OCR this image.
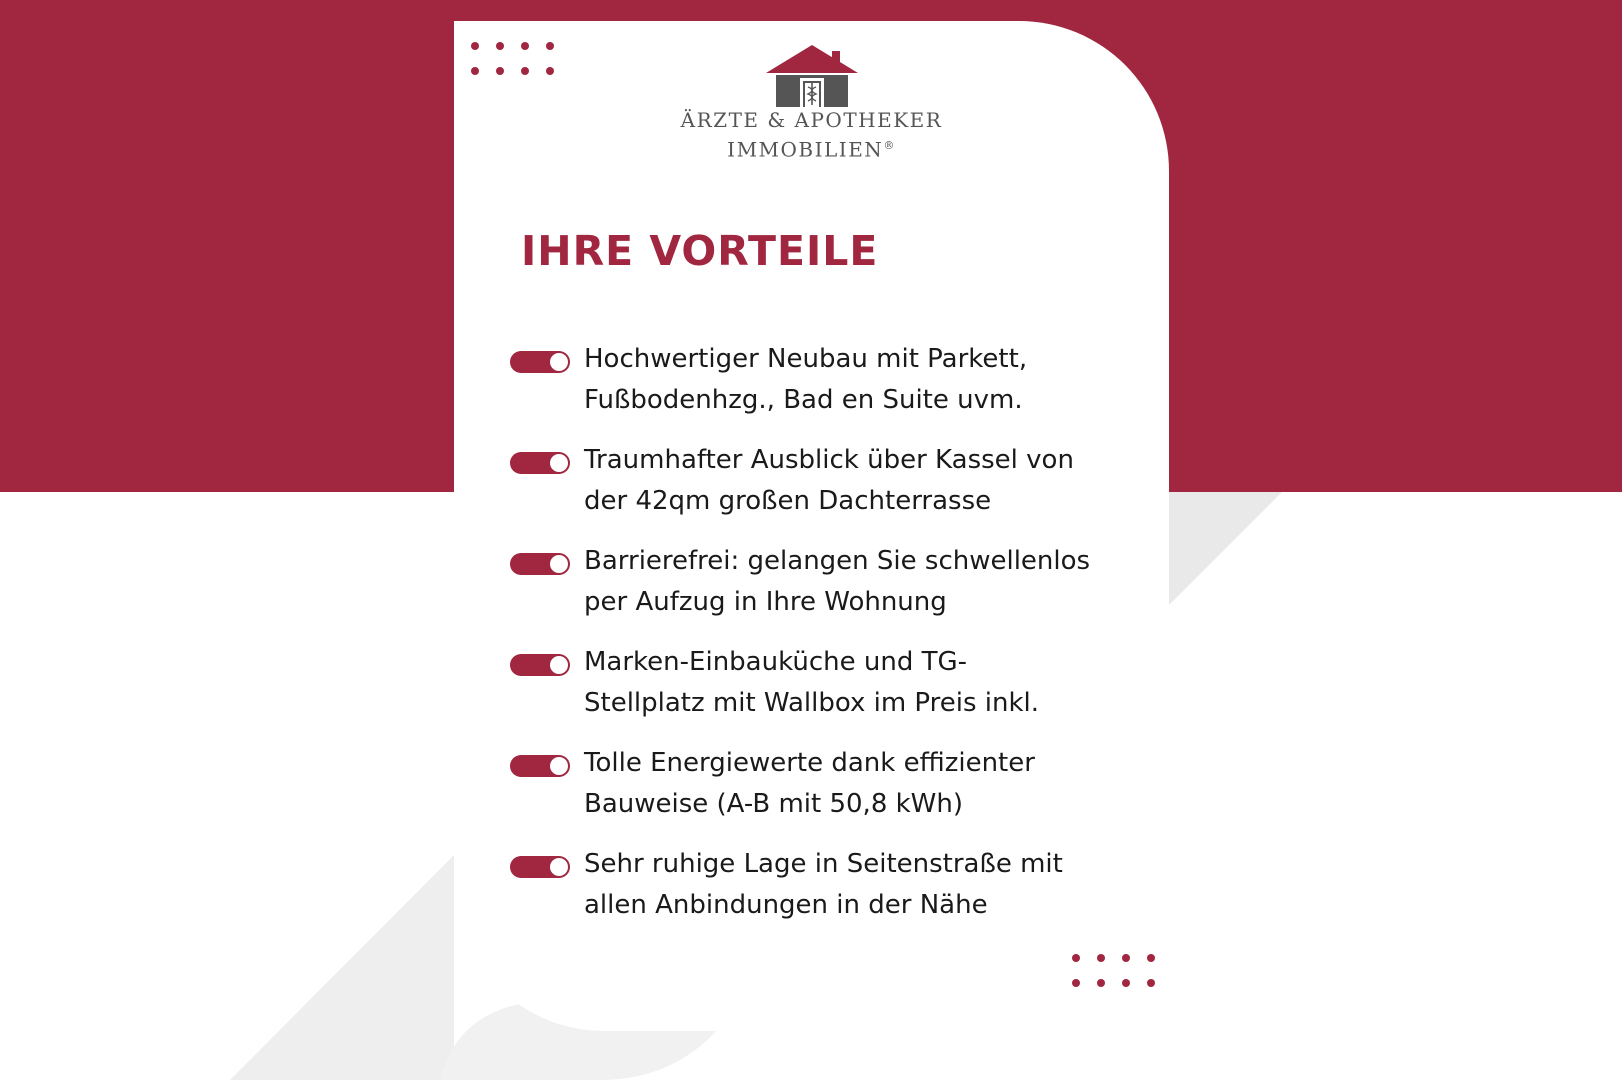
ÄRZTE & APOTHEKER
IMMOBILIEN®
IHRE VORTEILE
Hochwertiger Neubau mit Parkett,
Fußbodenhzg., Bad en Suite uvm.
Traumhafter Ausblick über Kassel von
der 42qm großen Dachterrasse
Barrierefrei: gelangen Sie schwellenlos
per Aufzug in Ihre Wohnung
Marken-Einbauküche und TG-
Stellplatz mit Wallbox im Preis inkl.
Tolle Energiewerte dank effizienter
Bauweise (A-B mit 50,8 kWh)
Sehr ruhige Lage in Seitenstraße mit
allen Anbindungen in der Nähe
